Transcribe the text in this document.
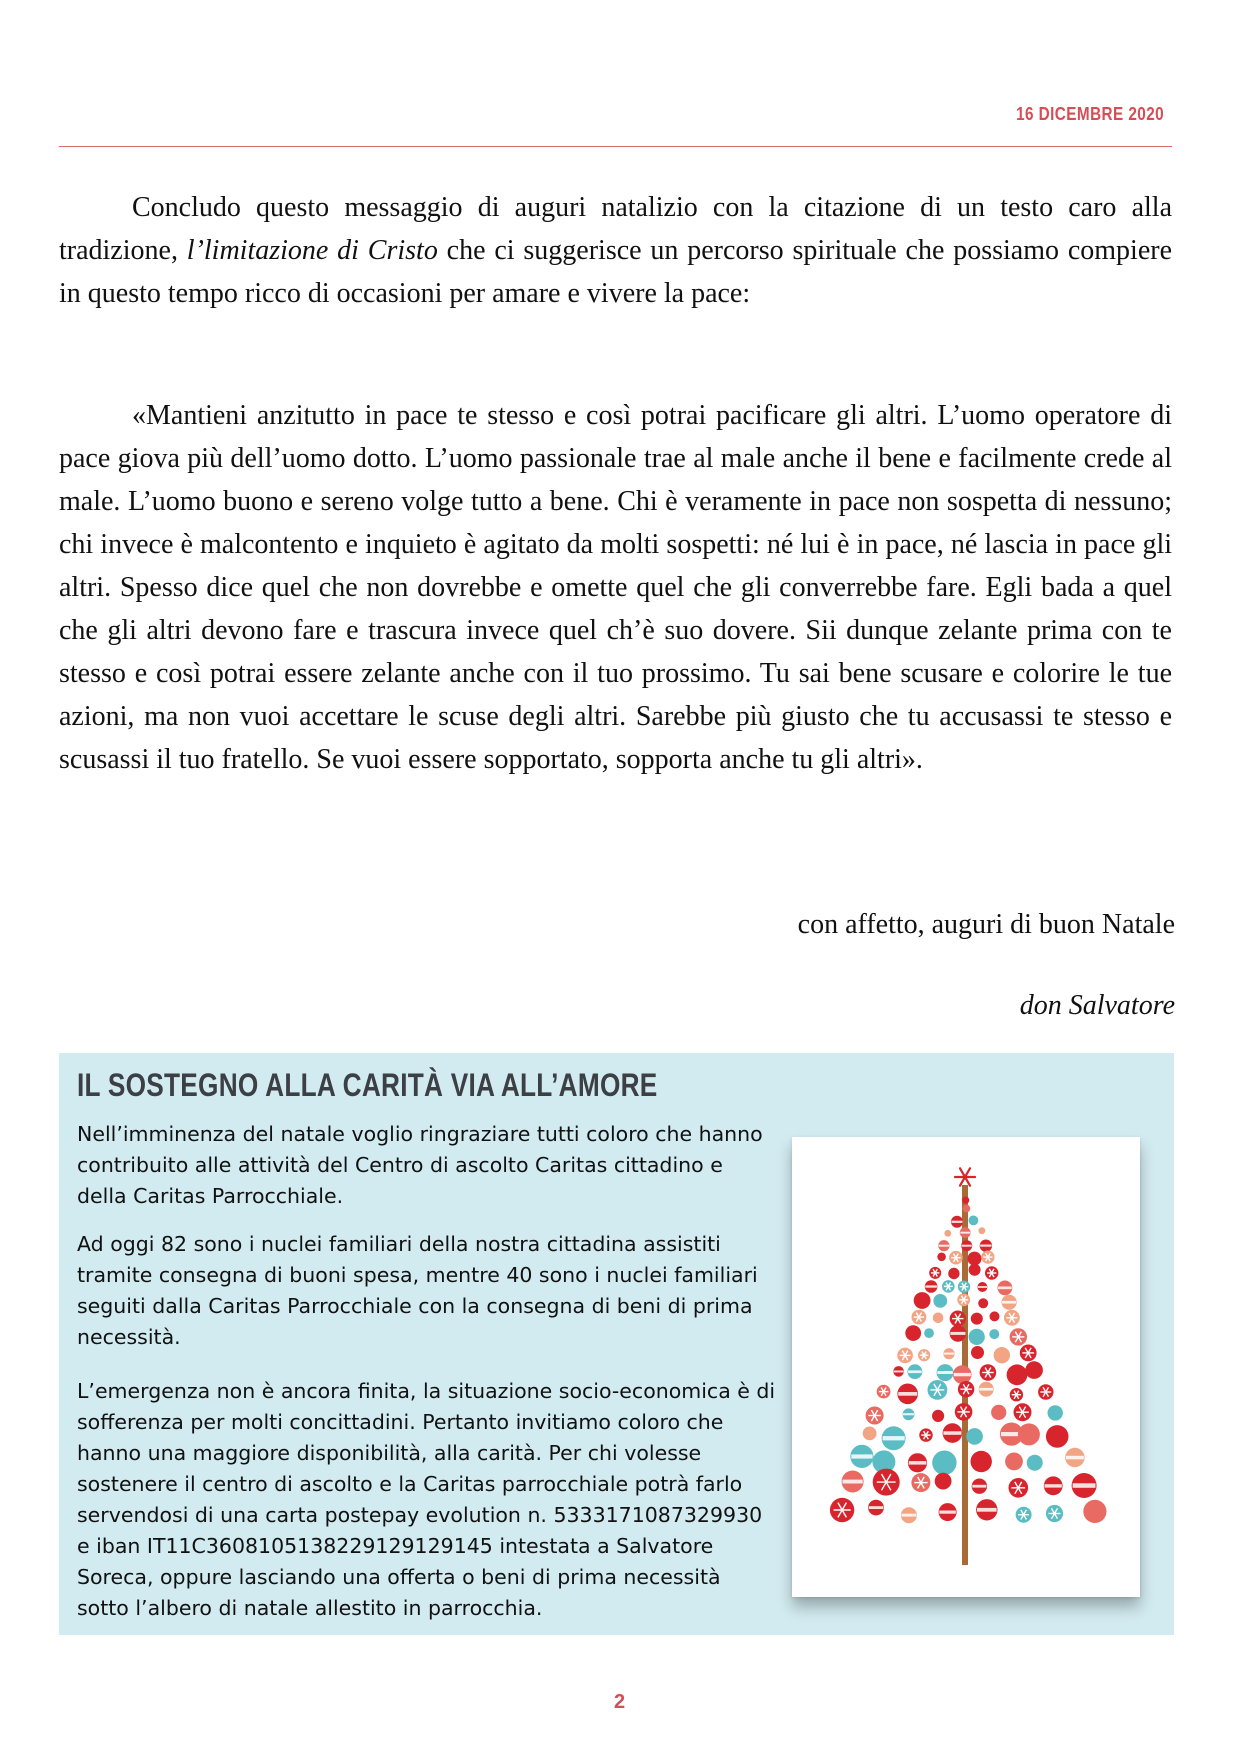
16 DICEMBRE 2020

Concludo questo messaggio di auguri natalizio con la citazione di un testo caro alla tradizione, l’limitazione di Cristo che ci suggerisce un percorso spirituale che possiamo compiere in questo tempo ricco di occasioni per amare e vivere la pace:

«Mantieni anzitutto in pace te stesso e così potrai pacificare gli altri. L’uomo operatore di pace giova più dell’uomo dotto. L’uomo passionale trae al male anche il bene e facilmente crede al male. L’uomo buono e sereno volge tutto a bene. Chi è veramente in pace non sospetta di nessuno; chi invece è malcontento e inquieto è agitato da molti sospetti: né lui è in pace, né lascia in pace gli altri. Spesso dice quel che non dovrebbe e omette quel che gli converrebbe fare. Egli bada a quel che gli altri devono fare e trascura invece quel ch’è suo dovere. Sii dunque zelante prima con te stesso e così potrai essere zelante anche con il tuo prossimo. Tu sai bene scusare e colorire le tue azioni, ma non vuoi accettare le scuse degli altri. Sarebbe più giusto che tu accusassi te stesso e scusassi il tuo fratello. Se vuoi essere sopportato, sopporta anche tu gli altri».

con affetto, auguri di buon Natale

don Salvatore

IL SOSTEGNO ALLA CARITÀ VIA ALL’AMORE

Nell’imminenza del natale voglio ringraziare tutti coloro che hanno contribuito alle attività del Centro di ascolto Caritas cittadino e della Caritas Parrocchiale.

Ad oggi 82 sono i nuclei familiari della nostra cittadina assistiti tramite consegna di buoni spesa, mentre 40 sono i nuclei familiari seguiti dalla Caritas Parrocchiale con la consegna di beni di prima necessità.

L’emergenza non è ancora finita, la situazione socio-economica è di sofferenza per molti concittadini. Pertanto invitiamo coloro che hanno una maggiore disponibilità, alla carità. Per chi volesse sostenere il centro di ascolto e la Caritas parrocchiale potrà farlo servendosi di una carta postepay evolution n. 5333171087329930 e iban IT11C3608105138229129129145 intestata a Salvatore Soreca, oppure lasciando una offerta o beni di prima necessità sotto l’albero di natale allestito in parrocchia.

2
